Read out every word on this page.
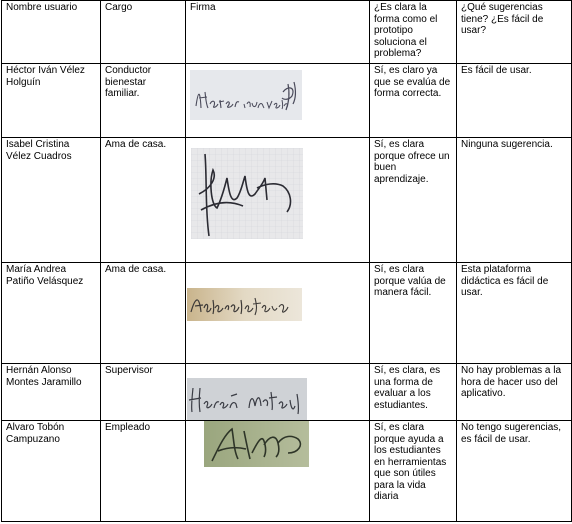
Nombre usuario	Cargo	Firma	¿Es clara la forma como el prototipo soluciona el problema?	¿Qué sugerencias tiene? ¿Es fácil de usar?
Héctor Iván Vélez Holguín	Conductor bienestar familiar.		Sí, es claro ya que se evalúa de forma correcta.	Es fácil de usar.
Isabel Cristina Vélez Cuadros	Ama de casa.		Sí, es clara porque ofrece un buen aprendizaje.	Ninguna sugerencia.
María Andrea Patiño Velásquez	Ama de casa.		Sí, es clara porque valúa de manera fácil.	Esta plataforma didáctica es fácil de usar.
Hernán Alonso Montes Jaramillo	Supervisor		Sí, es clara, es una forma de evaluar a los estudiantes.	No hay problemas a la hora de hacer uso del aplicativo.
Alvaro Tobón Campuzano	Empleado		Sí, es clara porque ayuda a los estudiantes en herramientas que son útiles para la vida diaria	No tengo sugerencias, es fácil de usar.
